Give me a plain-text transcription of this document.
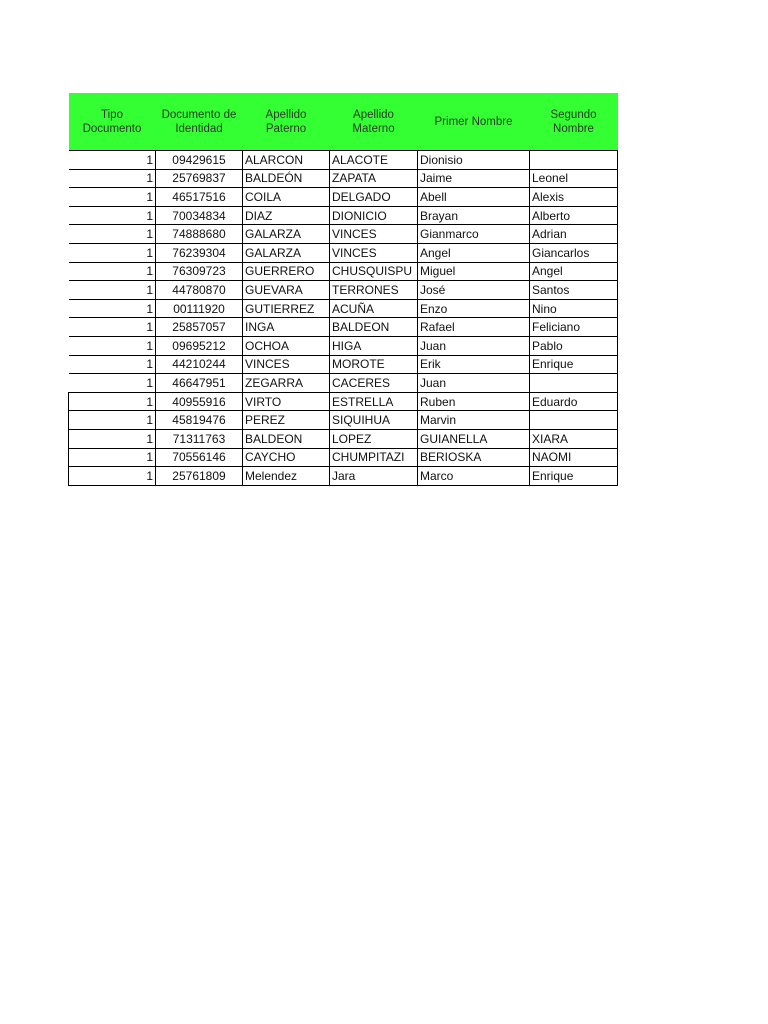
Tipo Documento	Documento de Identidad	Apellido Paterno	Apellido Materno	Primer Nombre	Segundo Nombre
1	09429615	ALARCON	ALACOTE	Dionisio	
1	25769837	BALDEÓN	ZAPATA	Jaime	Leonel
1	46517516	COILA	DELGADO	Abell	Alexis
1	70034834	DIAZ	DIONICIO	Brayan	Alberto
1	74888680	GALARZA	VINCES	Gianmarco	Adrian
1	76239304	GALARZA	VINCES	Angel	Giancarlos
1	76309723	GUERRERO	CHUSQUISPU	Miguel	Angel
1	44780870	GUEVARA	TERRONES	José	Santos
1	00111920	GUTIERREZ	ACUÑA	Enzo	Nino
1	25857057	INGA	BALDEON	Rafael	Feliciano
1	09695212	OCHOA	HIGA	Juan	Pablo
1	44210244	VINCES	MOROTE	Erik	Enrique
1	46647951	ZEGARRA	CACERES	Juan	
1	40955916	VIRTO	ESTRELLA	Ruben	Eduardo
1	45819476	PEREZ	SIQUIHUA	Marvin	
1	71311763	BALDEON	LOPEZ	GUIANELLA	XIARA
1	70556146	CAYCHO	CHUMPITAZI	BERIOSKA	NAOMI
1	25761809	Melendez	Jara	Marco	Enrique
